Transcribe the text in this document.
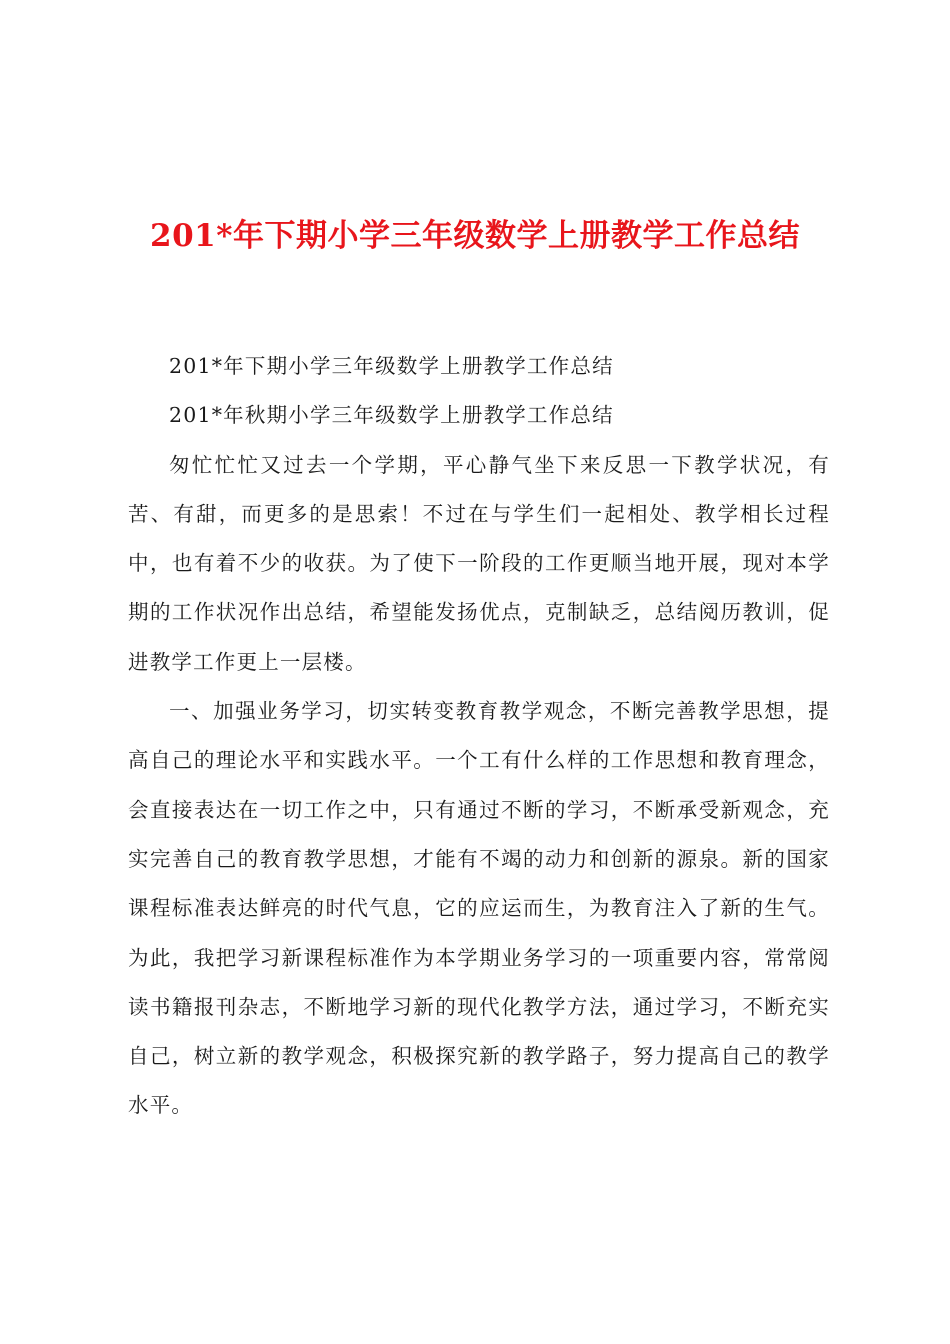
201*年下期小学三年级数学上册教学工作总结

201*年下期小学三年级数学上册教学工作总结

201*年秋期小学三年级数学上册教学工作总结

匆忙忙忙又过去一个学期，平心静气坐下来反思一下教学状况，有苦、有甜，而更多的是思索！不过在与学生们一起相处、教学相长过程中，也有着不少的收获。为了使下一阶段的工作更顺当地开展，现对本学期的工作状况作出总结，希望能发扬优点，克制缺乏，总结阅历教训，促进教学工作更上一层楼。

一、加强业务学习，切实转变教育教学观念，不断完善教学思想，提高自己的理论水平和实践水平。一个工有什么样的工作思想和教育理念，会直接表达在一切工作之中，只有通过不断的学习，不断承受新观念，充实完善自己的教育教学思想，才能有不竭的动力和创新的源泉。新的国家课程标准表达鲜亮的时代气息，它的应运而生，为教育注入了新的生气。为此，我把学习新课程标准作为本学期业务学习的一项重要内容，常常阅读书籍报刊杂志，不断地学习新的现代化教学方法，通过学习，不断充实自己，树立新的教学观念，积极探究新的教学路子，努力提高自己的教学水平。
